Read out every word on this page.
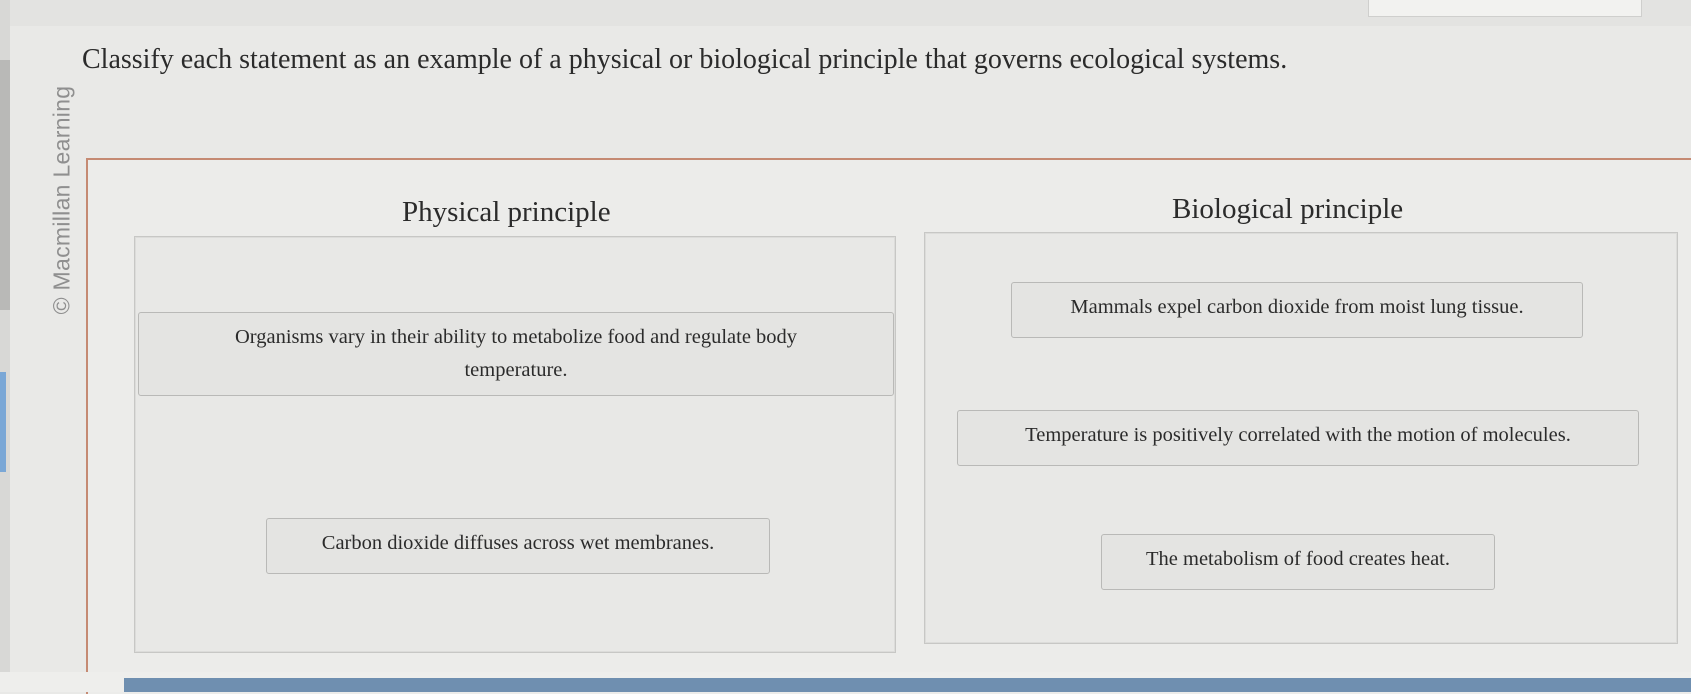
© Macmillan Learning
Classify each statement as an example of a physical or biological principle that governs ecological systems.
Physical principle	Biological principle
Organisms vary in their ability to metabolize food and regulate body temperature.
Carbon dioxide diffuses across wet membranes.
Mammals expel carbon dioxide from moist lung tissue.
Temperature is positively correlated with the motion of molecules.
The metabolism of food creates heat.
